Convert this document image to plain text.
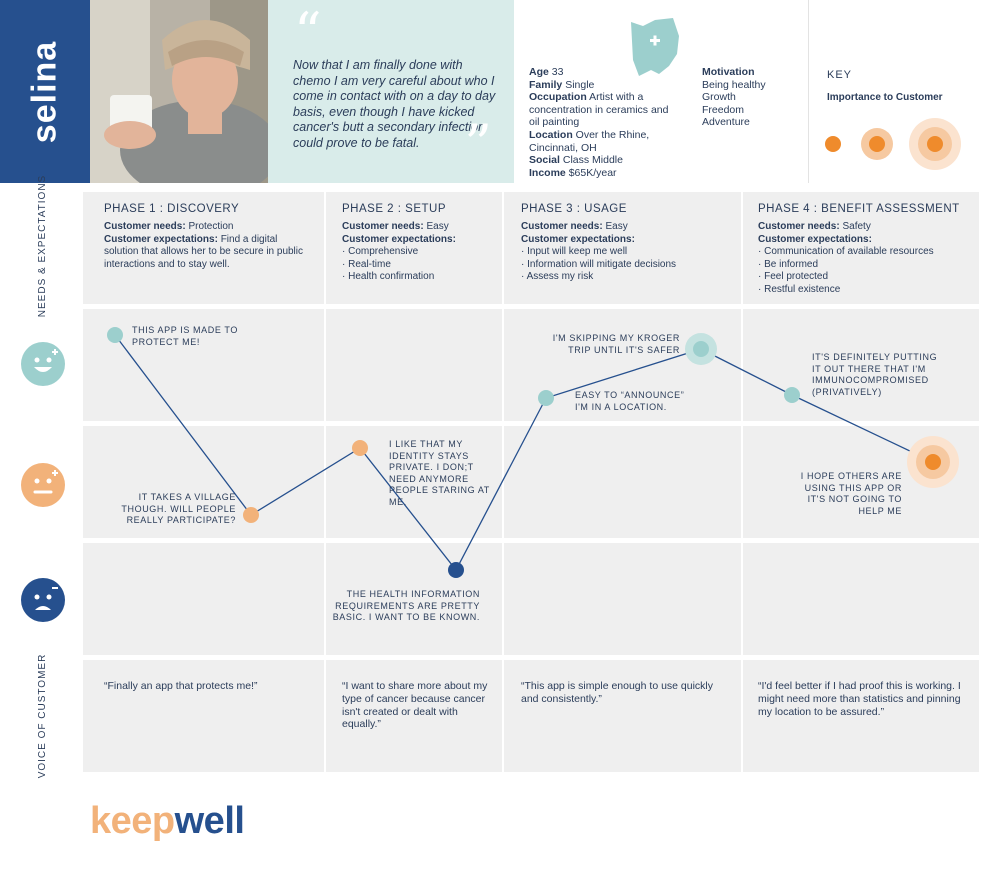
selina
“
Now that I am finally done with chemo I am very careful about who I come in contact with on a day to day basis, even though I have kicked cancer's butt a secondary infection could prove to be fatal. ”
Age 33
Family Single
Occupation Artist with a concentration in ceramics and oil painting
Location Over the Rhine, Cincinnati, OH
Social Class Middle
Income $65K/year
Motivation
Being healthy
Growth
Freedom
Adventure
KEY
Importance to Customer
NEEDS & EXPECTATIONS
VOICE OF CUSTOMER
PHASE 1 : DISCOVERY
Customer needs: Protection
Customer expectations: Find a digital solution that allows her to be secure in public interactions and to stay well.
PHASE 2 : SETUP
Customer needs: Easy
Customer expectations:
· Comprehensive
· Real-time
· Health confirmation
PHASE 3 : USAGE
Customer needs: Easy
Customer expectations:
· Input will keep me well
· Information will mitigate decisions
· Assess my risk
PHASE 4 : BENEFIT ASSESSMENT
Customer needs: Safety
Customer expectations:
· Communication of available resources
· Be informed
· Feel protected
· Restful existence
THIS APP IS MADE TO PROTECT ME!
IT TAKES A VILLAGE THOUGH. WILL PEOPLE REALLY PARTICIPATE?
I LIKE THAT MY IDENTITY STAYS PRIVATE. I DON;T NEED ANYMORE PEOPLE STARING AT ME.
THE HEALTH INFORMATION REQUIREMENTS ARE PRETTY BASIC. I WANT TO BE KNOWN.
EASY TO “ANNOUNCE” I'M IN A LOCATION.
I'M SKIPPING MY KROGER TRIP UNTIL IT'S SAFER
IT'S DEFINITELY PUTTING IT OUT THERE THAT I'M IMMUNOCOMPROMISED (PRIVATIVELY)
I HOPE OTHERS ARE USING THIS APP OR IT'S NOT GOING TO HELP ME
“Finally an app that protects me!”	“I want to share more about my type of cancer because cancer isn't created or dealt with equally.”
“This app is simple enough to use quickly and consistently.”
“I'd feel better if I had proof this is working. I might need more than statistics and pinning my location to be assured.”
keepwell
